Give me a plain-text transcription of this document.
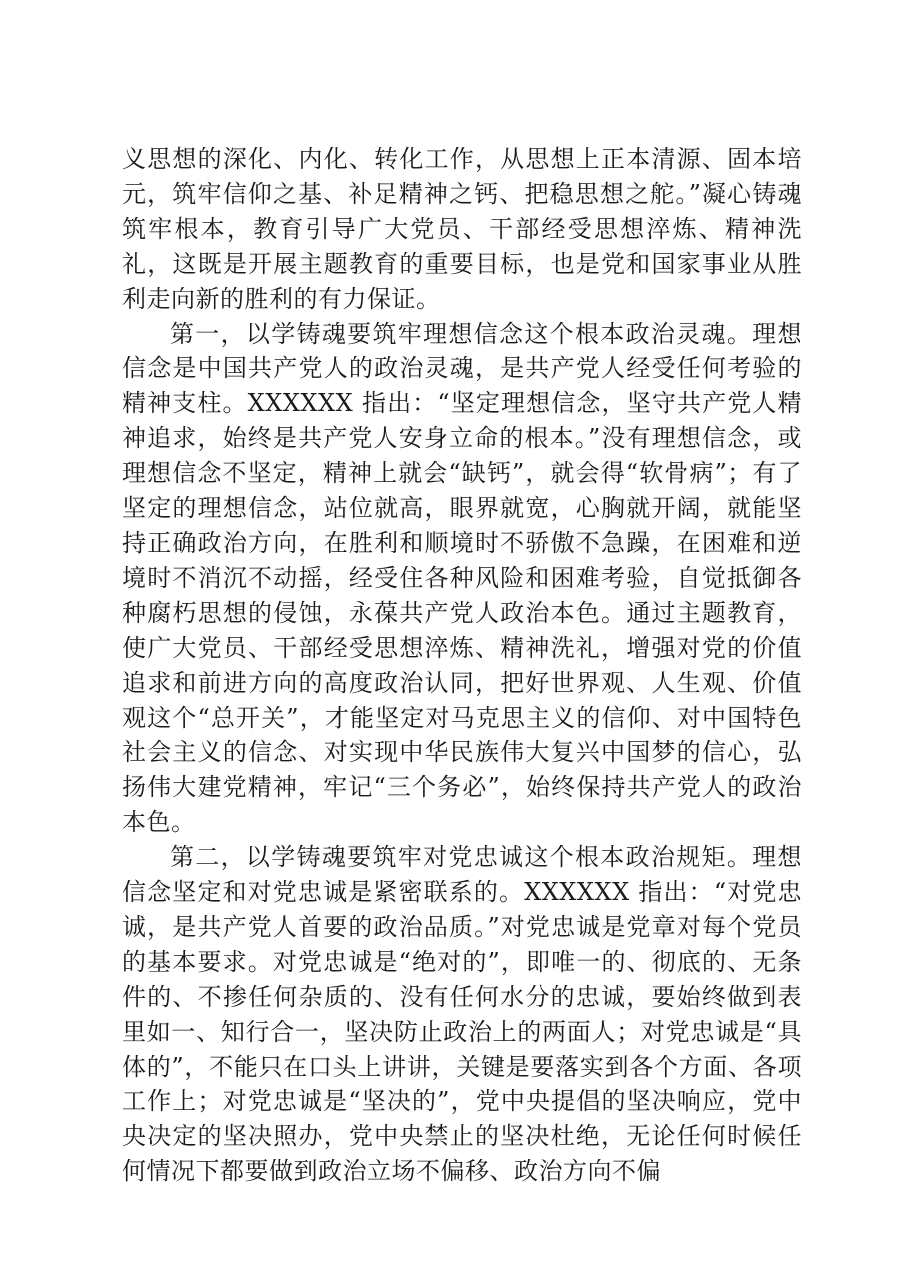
义思想的深化、内化、转化工作，从思想上正本清源、固本培元，筑牢信仰之基、补足精神之钙、把稳思想之舵。”凝心铸魂筑牢根本，教育引导广大党员、干部经受思想淬炼、精神洗礼，这既是开展主题教育的重要目标，也是党和国家事业从胜利走向新的胜利的有力保证。

第一，以学铸魂要筑牢理想信念这个根本政治灵魂。理想信念是中国共产党人的政治灵魂，是共产党人经受任何考验的精神支柱。XXXXXX 指出：“坚定理想信念，坚守共产党人精神追求，始终是共产党人安身立命的根本。”没有理想信念，或理想信念不坚定，精神上就会“缺钙”，就会得“软骨病”；有了坚定的理想信念，站位就高，眼界就宽，心胸就开阔，就能坚持正确政治方向，在胜利和顺境时不骄傲不急躁，在困难和逆境时不消沉不动摇，经受住各种风险和困难考验，自觉抵御各种腐朽思想的侵蚀，永葆共产党人政治本色。通过主题教育，使广大党员、干部经受思想淬炼、精神洗礼，增强对党的价值追求和前进方向的高度政治认同，把好世界观、人生观、价值观这个“总开关”，才能坚定对马克思主义的信仰、对中国特色社会主义的信念、对实现中华民族伟大复兴中国梦的信心，弘扬伟大建党精神，牢记“三个务必”，始终保持共产党人的政治本色。

第二，以学铸魂要筑牢对党忠诚这个根本政治规矩。理想信念坚定和对党忠诚是紧密联系的。XXXXXX 指出：“对党忠诚，是共产党人首要的政治品质。”对党忠诚是党章对每个党员的基本要求。对党忠诚是“绝对的”，即唯一的、彻底的、无条件的、不掺任何杂质的、没有任何水分的忠诚，要始终做到表里如一、知行合一，坚决防止政治上的两面人；对党忠诚是“具体的”，不能只在口头上讲讲，关键是要落实到各个方面、各项工作上；对党忠诚是“坚决的”，党中央提倡的坚决响应，党中央决定的坚决照办，党中央禁止的坚决杜绝，无论任何时候任何情况下都要做到政治立场不偏移、政治方向不偏
